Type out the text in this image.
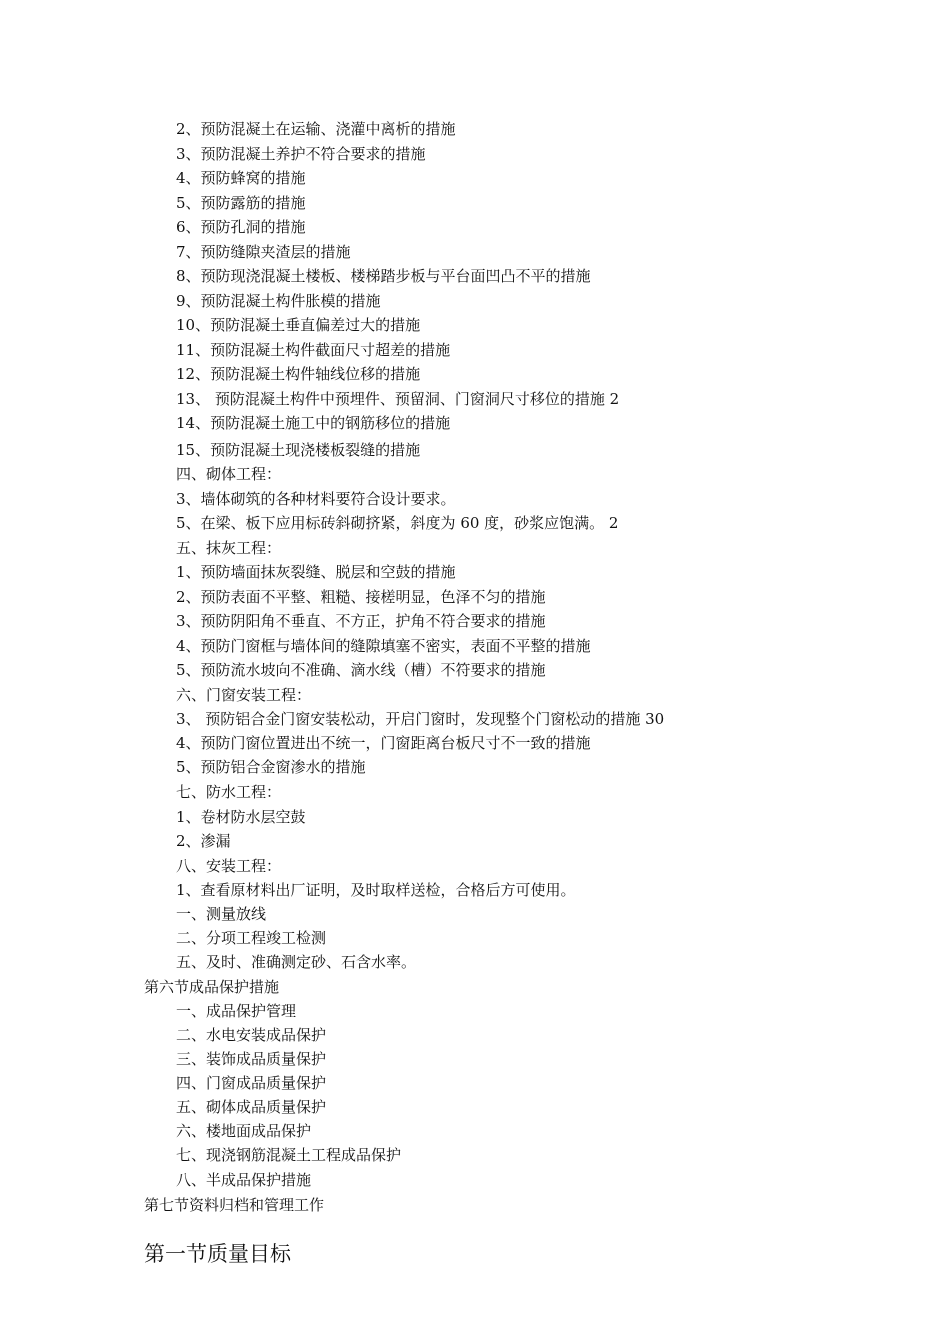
2、预防混凝土在运输、浇灌中离析的措施
3、预防混凝土养护不符合要求的措施
4、预防蜂窝的措施
5、预防露筋的措施
6、预防孔洞的措施
7、预防缝隙夹渣层的措施
8、预防现浇混凝土楼板、楼梯踏步板与平台面凹凸不平的措施
9、预防混凝土构件胀模的措施
10、预防混凝土垂直偏差过大的措施
11、预防混凝土构件截面尺寸超差的措施
12、预防混凝土构件轴线位移的措施
13、 预防混凝土构件中预埋件、预留洞、门窗洞尺寸移位的措施 2
14、预防混凝土施工中的钢筋移位的措施
15、预防混凝土现浇楼板裂缝的措施
四、砌体工程：
3、墙体砌筑的各种材料要符合设计要求。
5、在梁、板下应用标砖斜砌挤紧，斜度为 60 度，砂浆应饱满。 2
五、抹灰工程：
1、预防墙面抹灰裂缝、脱层和空鼓的措施
2、预防表面不平整、粗糙、接槎明显，色泽不匀的措施
3、预防阴阳角不垂直、不方正，护角不符合要求的措施
4、预防门窗框与墙体间的缝隙填塞不密实，表面不平整的措施
5、预防流水坡向不准确、滴水线（槽）不符要求的措施
六、门窗安装工程：
3、 预防铝合金门窗安装松动，开启门窗时，发现整个门窗松动的措施 30
4、预防门窗位置进出不统一，门窗距离台板尺寸不一致的措施
5、预防铝合金窗渗水的措施
七、防水工程：
1、卷材防水层空鼓
2、渗漏
八、安装工程：
1、查看原材料出厂证明，及时取样送检，合格后方可使用。
一、测量放线
二、分项工程竣工检测
五、及时、准确测定砂、石含水率。
第六节成品保护措施
一、成品保护管理
二、水电安装成品保护
三、装饰成品质量保护
四、门窗成品质量保护
五、砌体成品质量保护
六、楼地面成品保护
七、现浇钢筋混凝土工程成品保护
八、半成品保护措施
第七节资料归档和管理工作
第一节质量目标
